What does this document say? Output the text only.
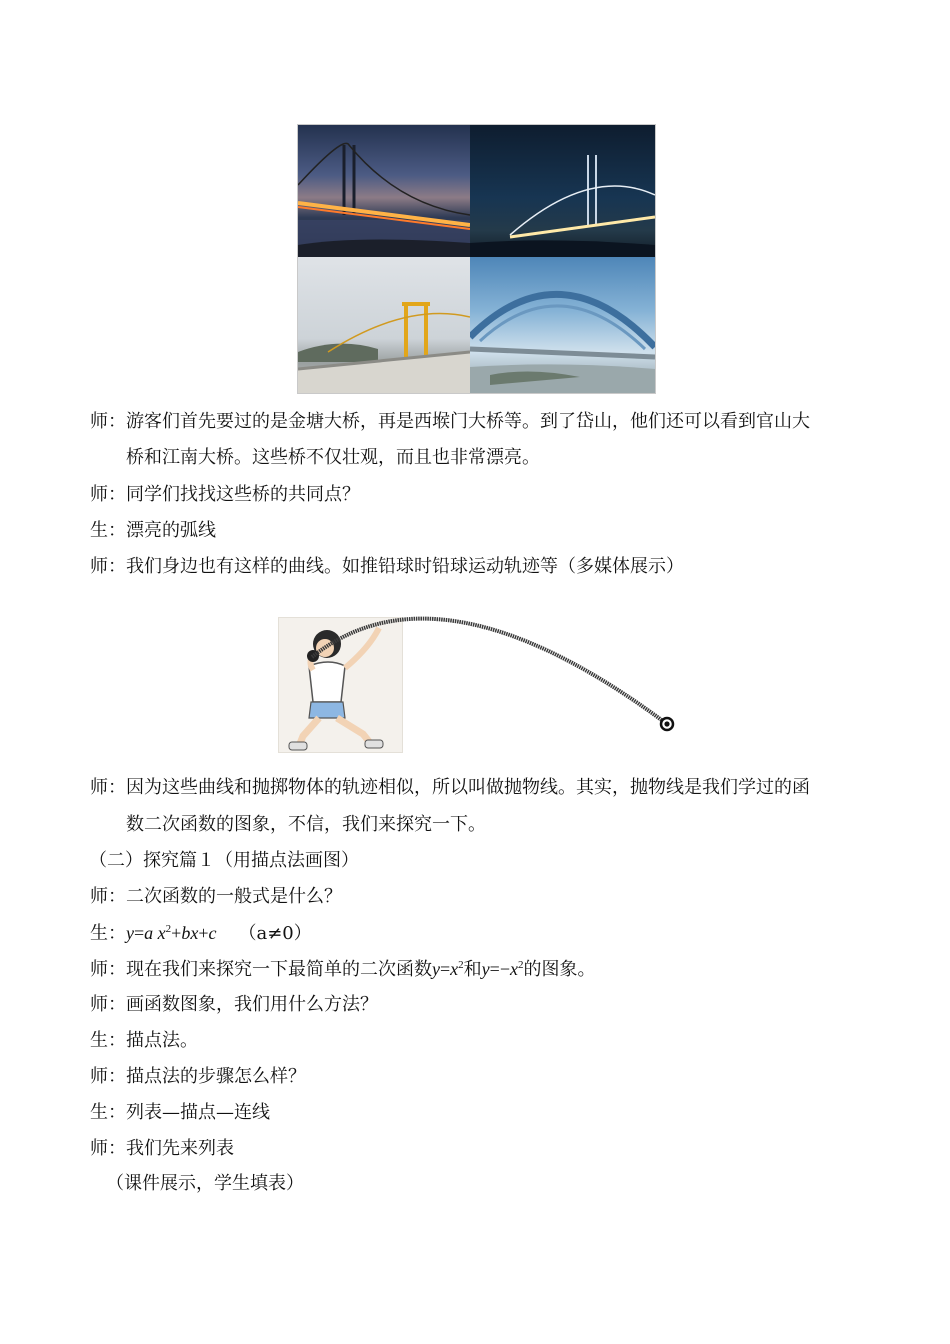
师：游客们首先要过的是金塘大桥，再是西堠门大桥等。到了岱山，他们还可以看到官山大
桥和江南大桥。这些桥不仅壮观，而且也非常漂亮。
师：同学们找找这些桥的共同点？
生：漂亮的弧线
师：我们身边也有这样的曲线。如推铅球时铅球运动轨迹等（多媒体展示）
师：因为这些曲线和抛掷物体的轨迹相似，所以叫做抛物线。其实，抛物线是我们学过的函
数二次函数的图象，不信，我们来探究一下。
（二）探究篇１（用描点法画图）
师：二次函数的一般式是什么？
生：y=a $x^2+bx+c$ （a≠0）
师：现在我们来探究一下最简单的二次函数$y=x^2$和$y=-x^2$的图象。
师：画函数图象，我们用什么方法？
生：描点法。
师：描点法的步骤怎么样？
生：列表—描点—连线
师：我们先来列表
（课件展示，学生填表）
